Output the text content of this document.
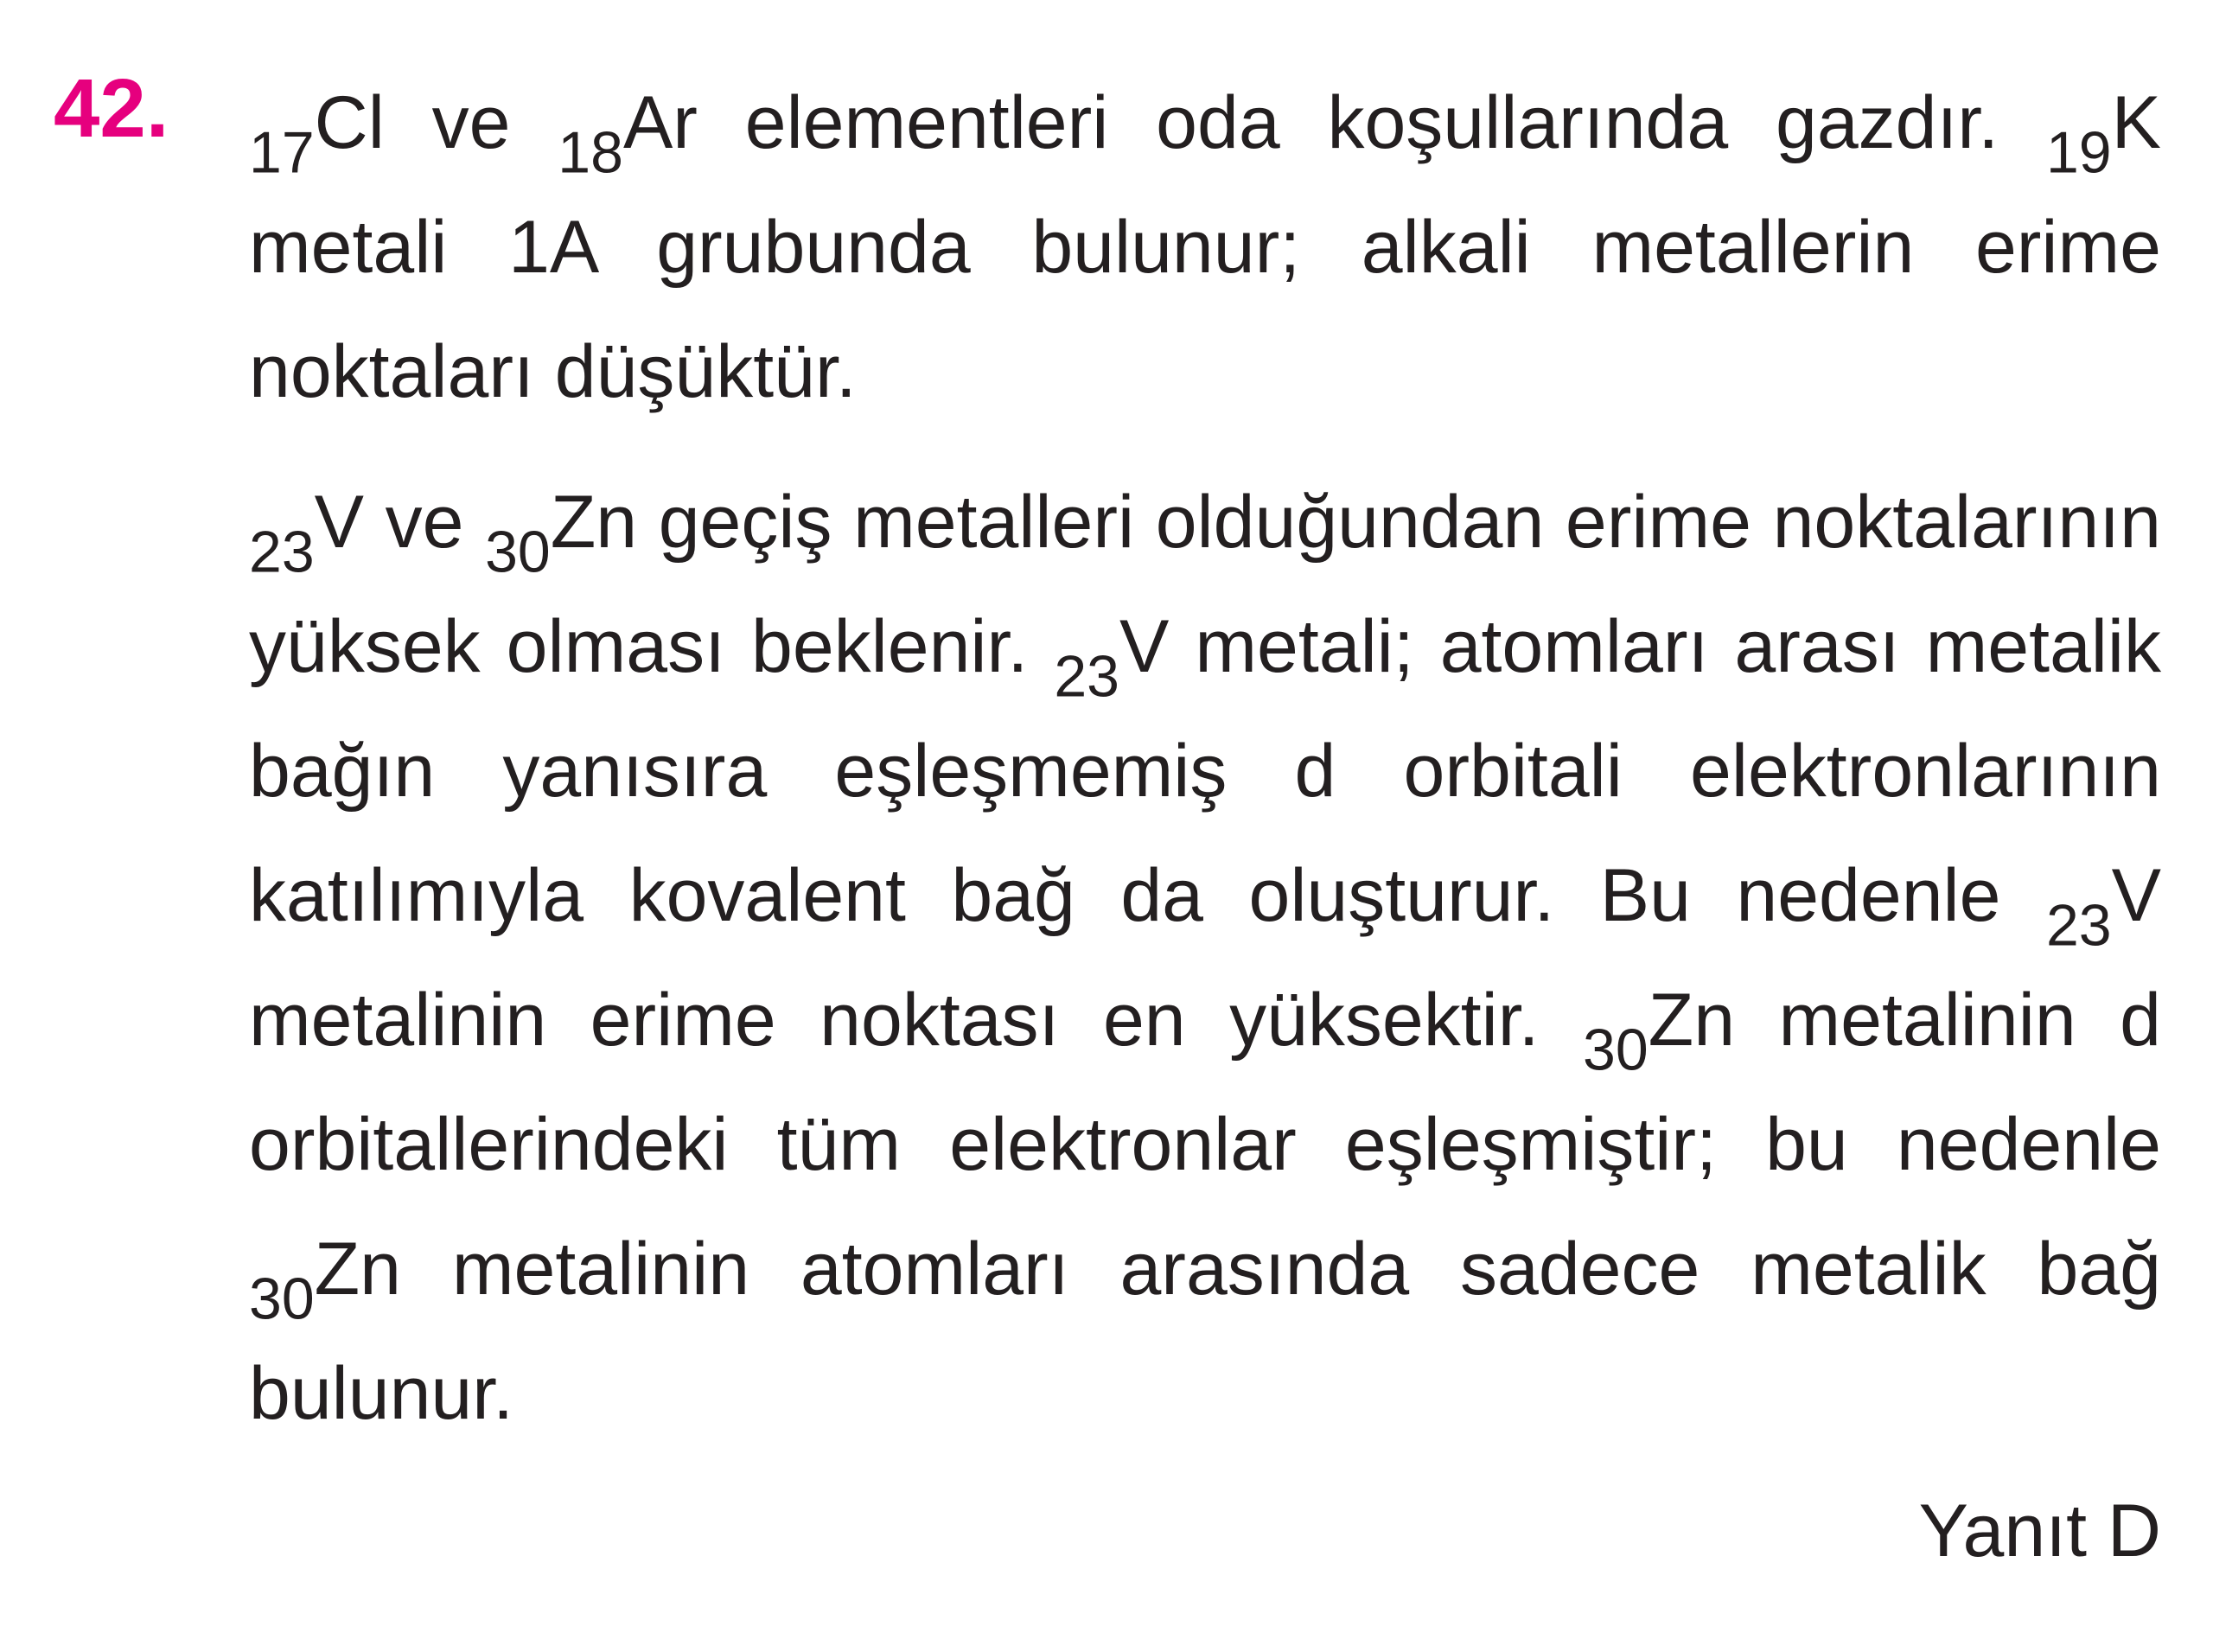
42. $_{17}$Cl ve $_{18}$Ar elementleri oda koşullarında gazdır. $_{19}$K metali 1A grubunda bulunur; alkali metallerin erime noktaları düşüktür.

$_{23}$V ve $_{30}$Zn geçiş metalleri olduğundan erime noktalarının yüksek olması beklenir. $_{23}$V metali; atomları arası metalik bağın yanısıra eşleşmemiş d orbitali elektronlarının katılımıyla kovalent bağ da oluşturur. Bu nedenle $_{23}$V metalinin erime noktası en yüksektir. $_{30}$Zn metalinin d orbitallerindeki tüm elektronlar eşleşmiştir; bu nedenle $_{30}$Zn metalinin atomları arasında sadece metalik bağ bulunur.

Yanıt D
